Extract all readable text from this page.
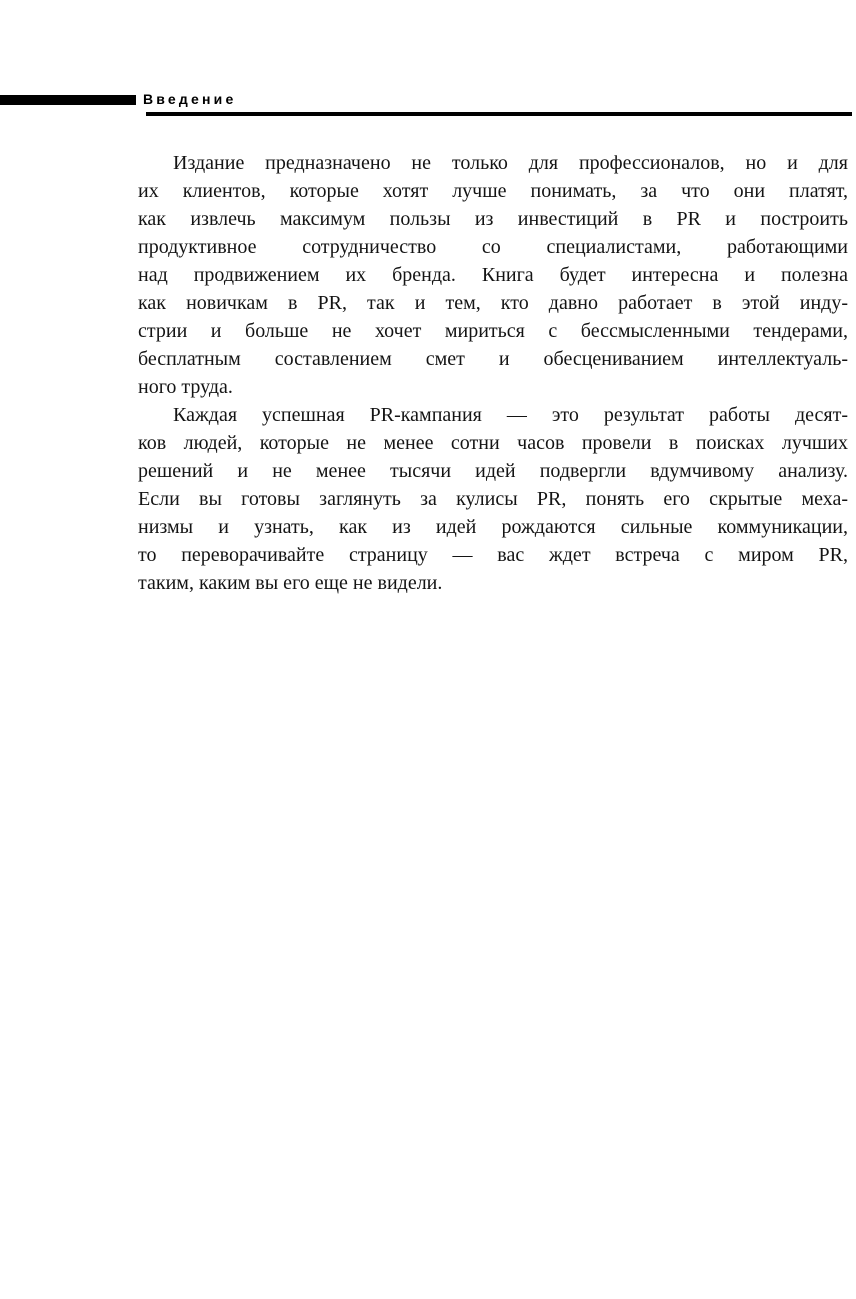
Введение
Издание предназначено не только для профессионалов, но и для
их клиентов, которые хотят лучше понимать, за что они платят,
как извлечь максимум пользы из инвестиций в PR и построить
продуктивное сотрудничество со специалистами, работающими
над продвижением их бренда. Книга будет интересна и полезна
как новичкам в PR, так и тем, кто давно работает в этой инду-
стрии и больше не хочет мириться с бессмысленными тендерами,
бесплатным составлением смет и обесцениванием интеллектуаль-
ного труда.
Каждая успешная PR-кампания — это результат работы десят-
ков людей, которые не менее сотни часов провели в поисках лучших
решений и не менее тысячи идей подвергли вдумчивому анализу.
Если вы готовы заглянуть за кулисы PR, понять его скрытые меха-
низмы и узнать, как из идей рождаются сильные коммуникации,
то переворачивайте страницу — вас ждет встреча с миром PR,
таким, каким вы его еще не видели.
